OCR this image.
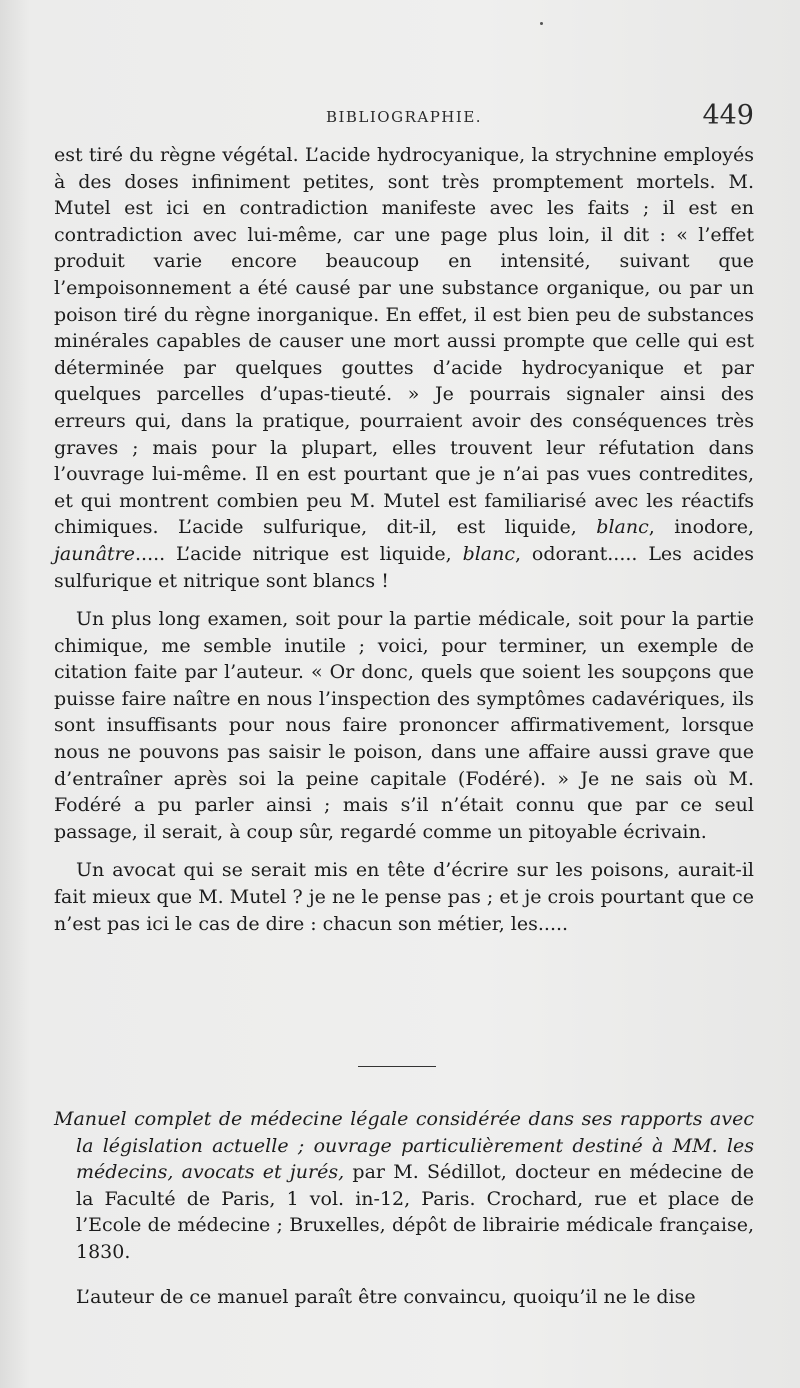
BIBLIOGRAPHIE.	449

est tiré du règne végétal. L’acide hydrocyanique, la strychnine employés à des doses infiniment petites, sont très promptement mortels. M. Mutel est ici en contradiction manifeste avec les faits ; il est en contradiction avec lui-même, car une page plus loin, il dit : « l’effet produit varie encore beaucoup en intensité, suivant que l’empoisonnement a été causé par une substance organique, ou par un poison tiré du règne inorganique. En effet, il est bien peu de substances minérales capables de causer une mort aussi prompte que celle qui est déterminée par quelques gouttes d’acide hydrocyanique et par quelques parcelles d’upas-tieuté. » Je pourrais signaler ainsi des erreurs qui, dans la pratique, pourraient avoir des conséquences très graves ; mais pour la plupart, elles trouvent leur réfutation dans l’ouvrage lui-même. Il en est pourtant que je n’ai pas vues contredites, et qui montrent combien peu M. Mutel est familiarisé avec les réactifs chimiques. L’acide sulfurique, dit-il, est liquide, blanc, inodore, jaunâtre..... L’acide nitrique est liquide, blanc, odorant..... Les acides sulfurique et nitrique sont blancs !

Un plus long examen, soit pour la partie médicale, soit pour la partie chimique, me semble inutile ; voici, pour terminer, un exemple de citation faite par l’auteur. « Or donc, quels que soient les soupçons que puisse faire naître en nous l’inspection des symptômes cadavériques, ils sont insuffisants pour nous faire prononcer affirmativement, lorsque nous ne pouvons pas saisir le poison, dans une affaire aussi grave que d’entraîner après soi la peine capitale (Fodéré). » Je ne sais où M. Fodéré a pu parler ainsi ; mais s’il n’était connu que par ce seul passage, il serait, à coup sûr, regardé comme un pitoyable écrivain.

Un avocat qui se serait mis en tête d’écrire sur les poisons, aurait-il fait mieux que M. Mutel ? je ne le pense pas ; et je crois pourtant que ce n’est pas ici le cas de dire : chacun son métier, les.....

Manuel complet de médecine légale considérée dans ses rapports avec la législation actuelle ; ouvrage particulièrement destiné à MM. les médecins, avocats et jurés, par M. Sédillot, docteur en médecine de la Faculté de Paris, 1 vol. in-12, Paris. Crochard, rue et place de l’Ecole de médecine ; Bruxelles, dépôt de librairie médicale française, 1830.

L’auteur de ce manuel paraît être convaincu, quoiqu’il ne le dise
